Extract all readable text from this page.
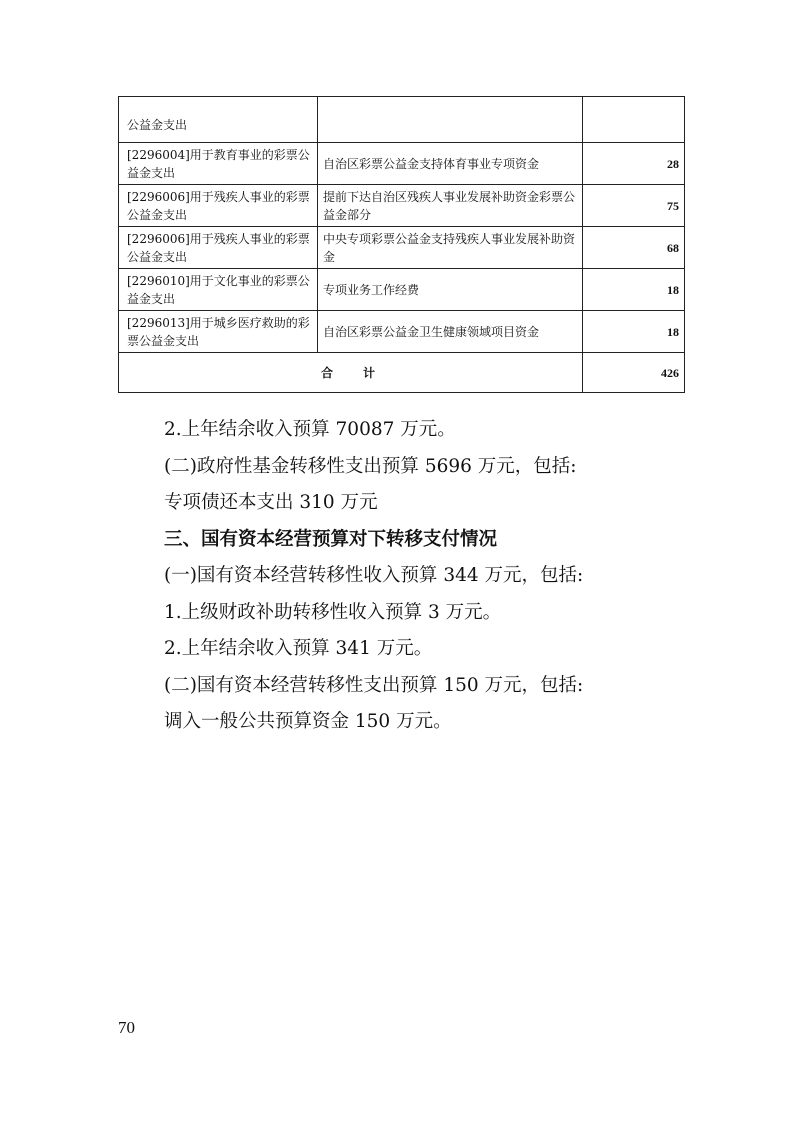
公益金支出		
[2296004]用于教育事业的彩票公益金支出	自治区彩票公益金支持体育事业专项资金	28
[2296006]用于残疾人事业的彩票公益金支出	提前下达自治区残疾人事业发展补助资金彩票公益金部分	75
[2296006]用于残疾人事业的彩票公益金支出	中央专项彩票公益金支持残疾人事业发展补助资金	68
[2296010]用于文化事业的彩票公益金支出	专项业务工作经费	18
[2296013]用于城乡医疗救助的彩票公益金支出	自治区彩票公益金卫生健康领域项目资金	18
合计		426
2.上年结余收入预算 70087 万元。
(二)政府性基金转移性支出预算 5696 万元，包括:
专项债还本支出 310 万元
三、国有资本经营预算对下转移支付情况
(一)国有资本经营转移性收入预算 344 万元，包括:
1.上级财政补助转移性收入预算 3 万元。
2.上年结余收入预算 341 万元。
(二)国有资本经营转移性支出预算 150 万元，包括:
调入一般公共预算资金 150 万元。
70
